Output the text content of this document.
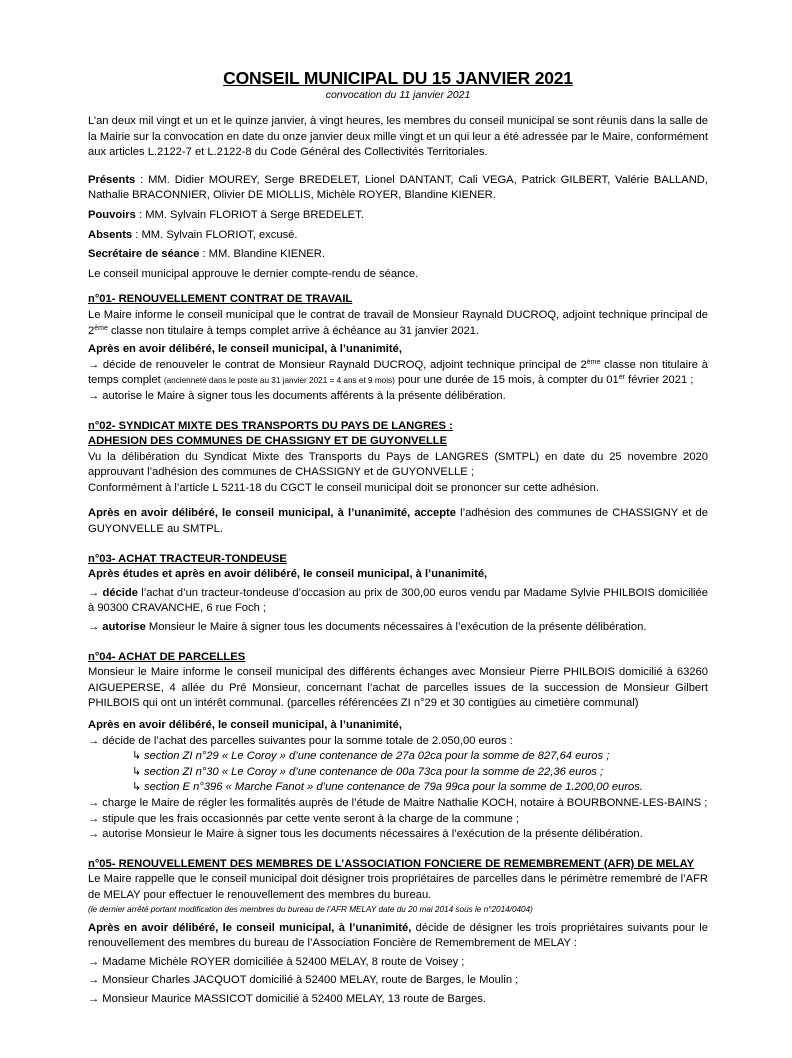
CONSEIL MUNICIPAL DU 15 JANVIER 2021
convocation du 11 janvier 2021

L’an deux mil vingt et un et le quinze janvier, à vingt heures, les membres du conseil municipal se sont réunis dans la salle de la Mairie sur la convocation en date du onze janvier deux mille vingt et un qui leur a été adressée par le Maire, conformément aux articles L.2122-7 et L.2122-8 du Code Général des Collectivités Territoriales.

Présents : MM. Didier MOUREY, Serge BREDELET, Lionel DANTANT, Cali VEGA, Patrick GILBERT, Valérie BALLAND, Nathalie BRACONNIER, Olivier DE MIOLLIS, Michèle ROYER, Blandine KIENER.

Pouvoirs : MM. Sylvain FLORIOT à Serge BREDELET.

Absents : MM. Sylvain FLORIOT, excusé.

Secrétaire de séance : MM. Blandine KIENER.

Le conseil municipal approuve le dernier compte-rendu de séance.

n°01- RENOUVELLEMENT CONTRAT DE TRAVAIL

Le Maire informe le conseil municipal que le contrat de travail de Monsieur Raynald DUCROQ, adjoint technique principal de 2ème classe non titulaire à temps complet arrive à échéance au 31 janvier 2021.

Après en avoir délibéré, le conseil municipal, à l’unanimité,

→ décide de renouveler le contrat de Monsieur Raynald DUCROQ, adjoint technique principal de 2ème classe non titulaire à temps complet (ancienneté dans le poste au 31 janvier 2021 = 4 ans et 9 mois) pour une durée de 15 mois, à compter du 01er février 2021 ;

→ autorise le Maire à signer tous les documents afférents à la présente délibération.

n°02- SYNDICAT MIXTE DES TRANSPORTS DU PAYS DE LANGRES :
ADHESION DES COMMUNES DE CHASSIGNY ET DE GUYONVELLE

Vu la délibération du Syndicat Mixte des Transports du Pays de LANGRES (SMTPL) en date du 25 novembre 2020 approuvant l’adhésion des communes de CHASSIGNY et de GUYONVELLE ;

Conformément à l’article L 5211-18 du CGCT le conseil municipal doit se prononcer sur cette adhésion.

Après en avoir délibéré, le conseil municipal, à l’unanimité, accepte l’adhésion des communes de CHASSIGNY et de GUYONVELLE au SMTPL.

n°03- ACHAT TRACTEUR-TONDEUSE

Après études et après en avoir délibéré, le conseil municipal, à l’unanimité,

→ décide l’achat d’un tracteur-tondeuse d’occasion au prix de 300,00 euros vendu par Madame Sylvie PHILBOIS domiciliée à 90300 CRAVANCHE, 6 rue Foch ;

→ autorise Monsieur le Maire à signer tous les documents nécessaires à l’exécution de la présente délibération.

n°04- ACHAT DE PARCELLES

Monsieur le Maire informe le conseil municipal des différents échanges avec Monsieur Pierre PHILBOIS domicilié à 63260 AIGUEPERSE, 4 allée du Pré Monsieur, concernant l’achat de parcelles issues de la succession de Monsieur Gilbert PHILBOIS qui ont un intérêt communal. (parcelles référencées ZI n°29 et 30 contigües au cimetière communal)

Après en avoir délibéré, le conseil municipal, à l’unanimité,

→ décide de l’achat des parcelles suivantes pour la somme totale de 2.050,00 euros :

↳ section ZI n°29 « Le Coroy » d’une contenance de 27a 02ca pour la somme de 827,64 euros ;
↳ section ZI n°30 « Le Coroy » d’une contenance de 00a 73ca pour la somme de 22,36 euros ;
↳ section E n°396 « Marche Fanot » d’une contenance de 79a 99ca pour la somme de 1.200,00 euros.

→ charge le Maire de régler les formalités auprès de l’étude de Maitre Nathalie KOCH, notaire à BOURBONNE-LES-BAINS ;

→ stipule que les frais occasionnés par cette vente seront à la charge de la commune ;

→ autorise Monsieur le Maire à signer tous les documents nécessaires à l’exécution de la présente délibération.

n°05- RENOUVELLEMENT DES MEMBRES DE L’ASSOCIATION FONCIERE DE REMEMBREMENT (AFR) DE MELAY

Le Maire rappelle que le conseil municipal doit désigner trois propriétaires de parcelles dans le périmètre remembré de l’AFR de MELAY pour effectuer le renouvellement des membres du bureau.

(le dernier arrêté portant modification des membres du bureau de l’AFR MELAY date du 20 mai 2014 sous le n°2014/0404)

Après en avoir délibéré, le conseil municipal, à l’unanimité, décide de désigner les trois propriétaires suivants pour le renouvellement des membres du bureau de l’Association Foncière de Remembrement de MELAY :

→ Madame Michèle ROYER domiciliée à 52400 MELAY, 8 route de Voisey ;

→ Monsieur Charles JACQUOT domicilié à 52400 MELAY, route de Barges, le Moulin ;

→ Monsieur Maurice MASSICOT domicilié à 52400 MELAY, 13 route de Barges.
